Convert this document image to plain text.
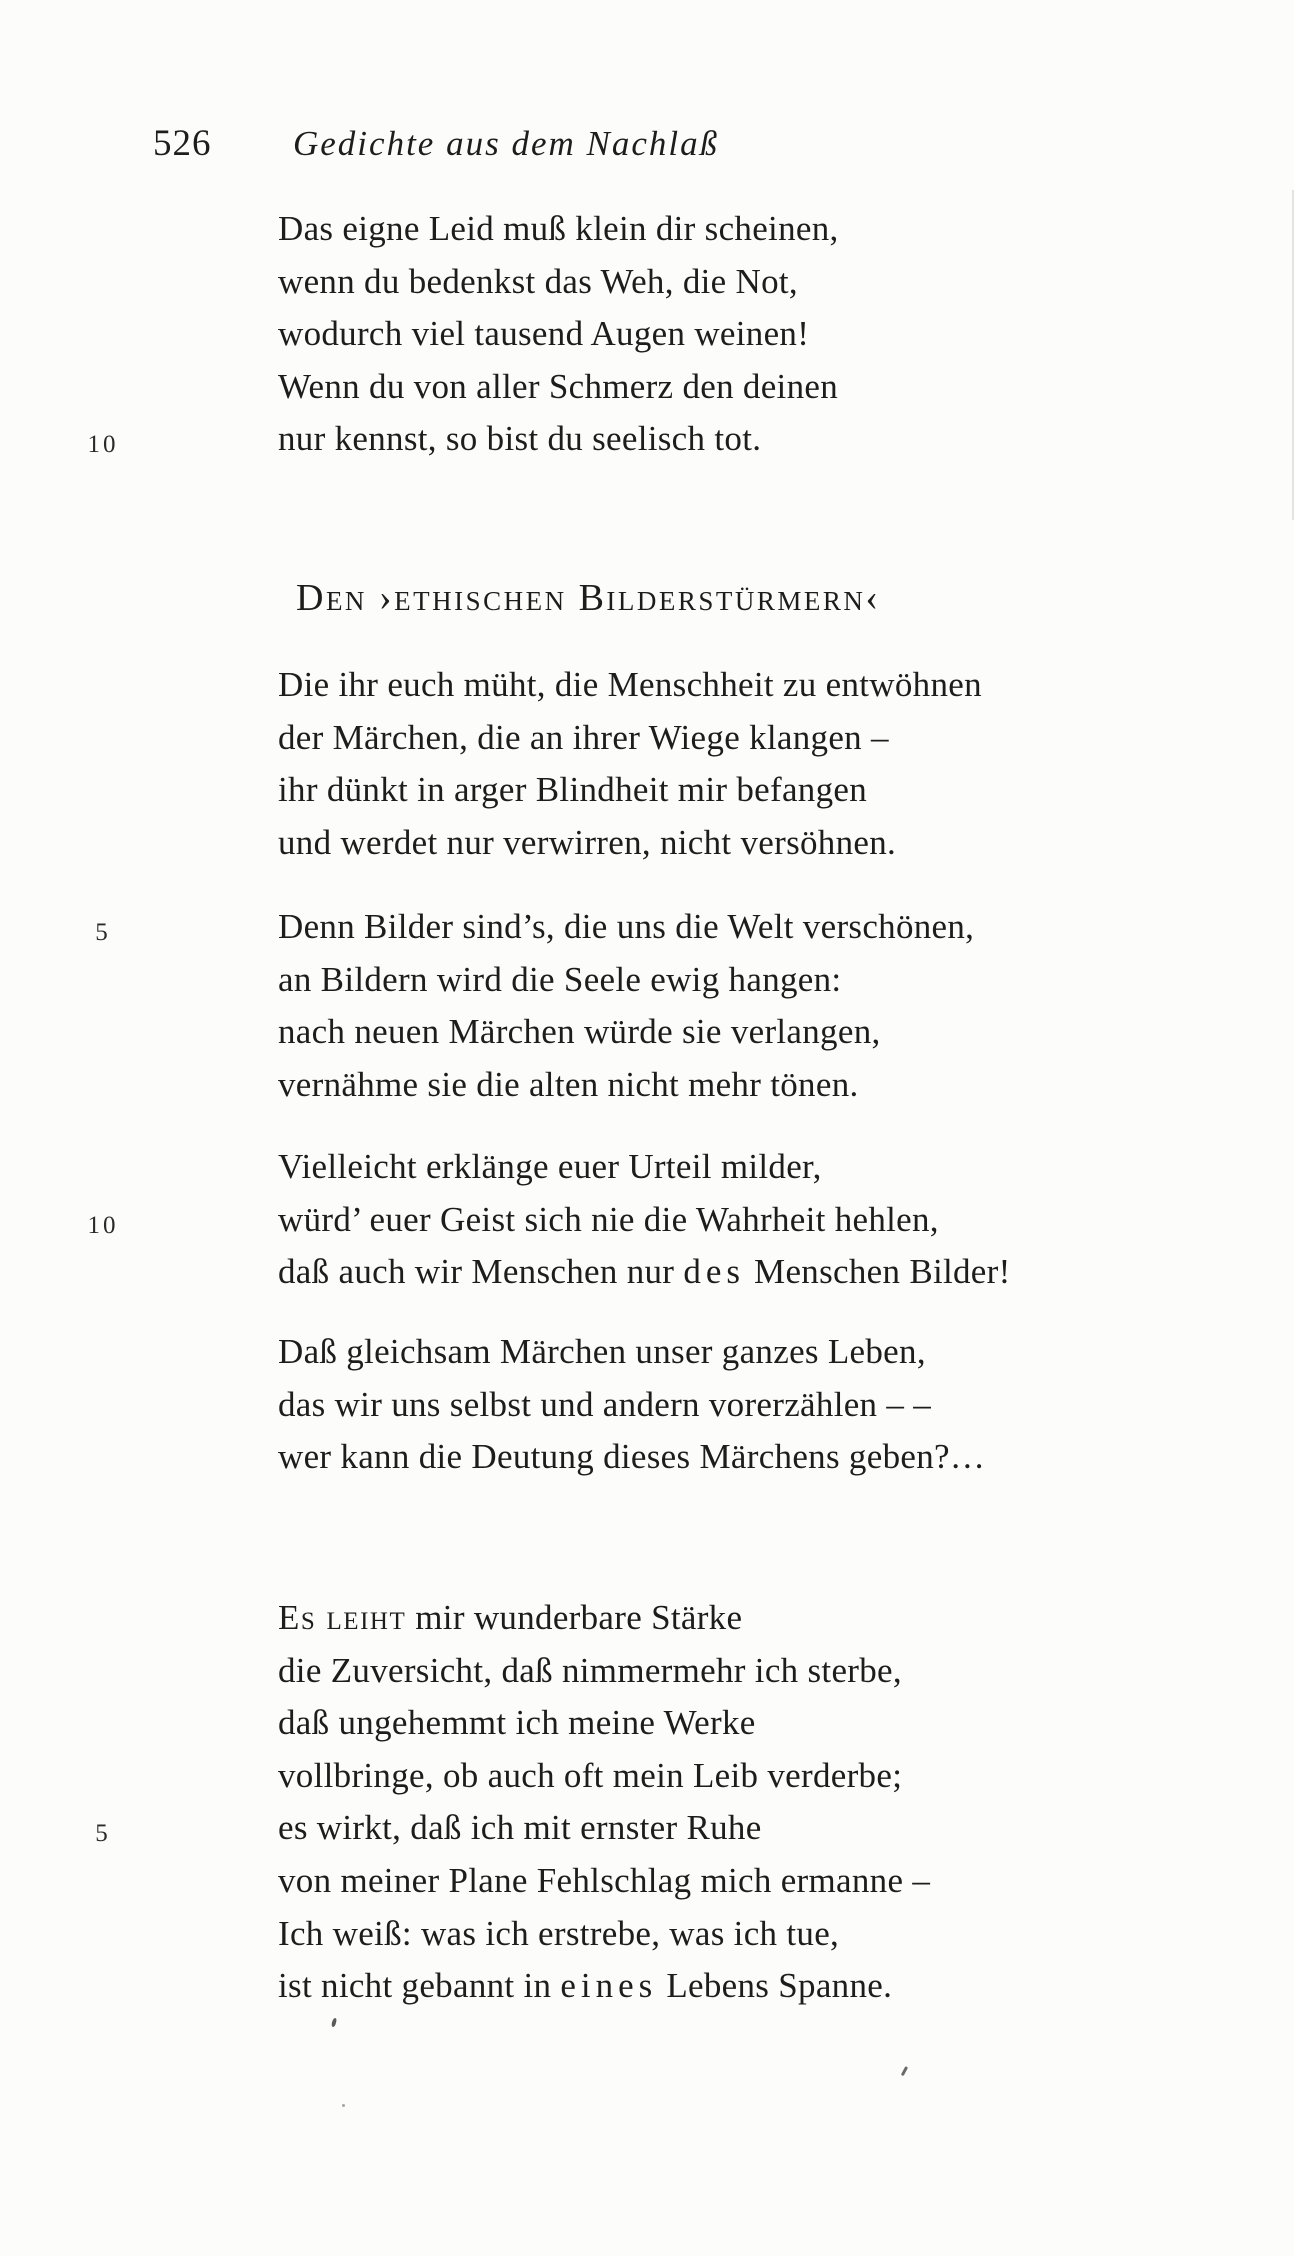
526 Gedichte aus dem Nachlaß
Das eigne Leid muß klein dir scheinen,
wenn du bedenkst das Weh, die Not,
wodurch viel tausend Augen weinen!
Wenn du von aller Schmerz den deinen
10	nur kennst, so bist du seelisch tot.
Den ›ethischen Bilderstürmern‹
Die ihr euch müht, die Menschheit zu entwöhnen
der Märchen, die an ihrer Wiege klangen –
ihr dünkt in arger Blindheit mir befangen
und werdet nur verwirren, nicht versöhnen.
5	Denn Bilder sind’s, die uns die Welt verschönen,
an Bildern wird die Seele ewig hangen:
nach neuen Märchen würde sie verlangen,
vernähme sie die alten nicht mehr tönen.
Vielleicht erklänge euer Urteil milder,
10	würd’ euer Geist sich nie die Wahrheit hehlen,
daß auch wir Menschen nur des Menschen Bilder!
Daß gleichsam Märchen unser ganzes Leben,
das wir uns selbst und andern vorerzählen – –
wer kann die Deutung dieses Märchens geben?…
Es leiht mir wunderbare Stärke
die Zuversicht, daß nimmermehr ich sterbe,
daß ungehemmt ich meine Werke
vollbringe, ob auch oft mein Leib verderbe;
5	es wirkt, daß ich mit ernster Ruhe
von meiner Plane Fehlschlag mich ermanne –
Ich weiß: was ich erstrebe, was ich tue,
ist nicht gebannt in eines Lebens Spanne.
